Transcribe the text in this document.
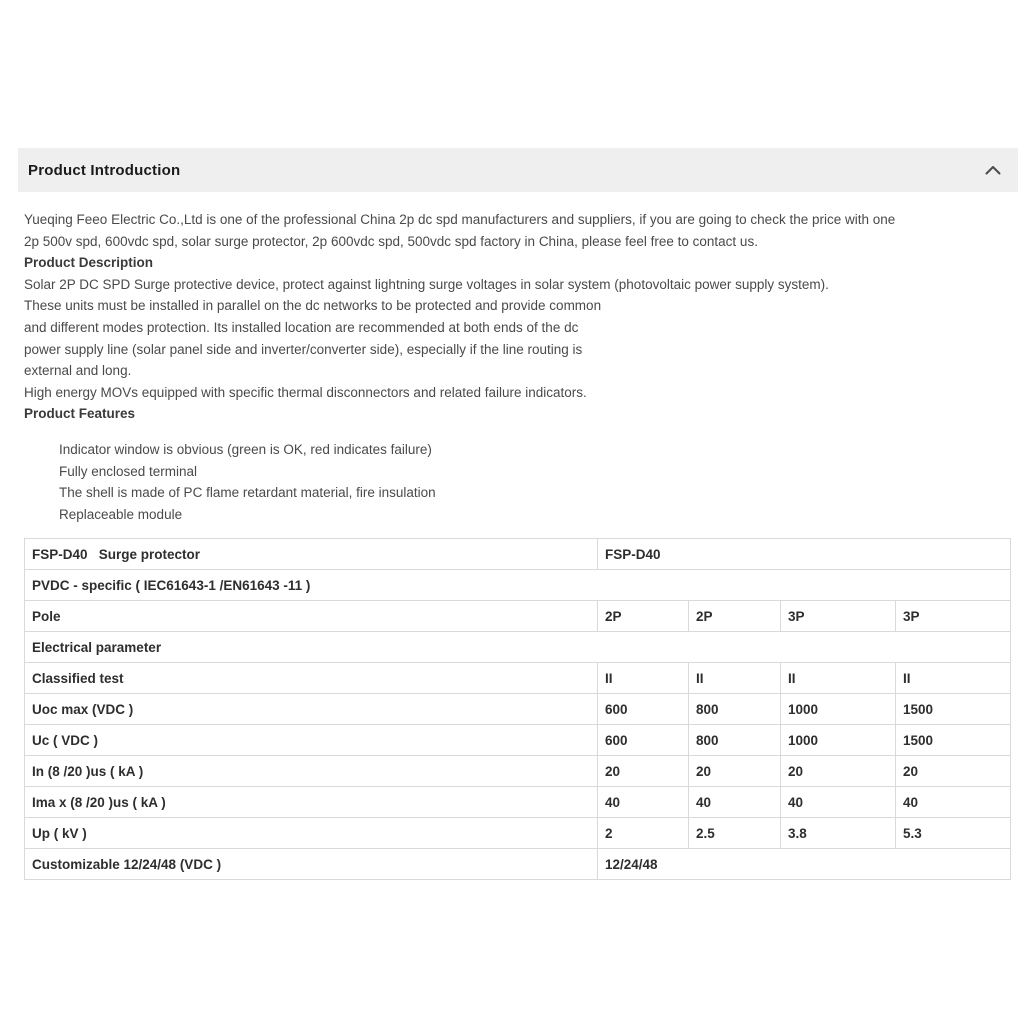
Product Introduction
Yueqing Feeo Electric Co.,Ltd is one of the professional China 2p dc spd manufacturers and suppliers, if you are going to check the price with one
2p 500v spd, 600vdc spd, solar surge protector, 2p 600vdc spd, 500vdc spd factory in China, please feel free to contact us.
Product Description
Solar 2P DC SPD Surge protective device, protect against lightning surge voltages in solar system (photovoltaic power supply system).
These units must be installed in parallel on the dc networks to be protected and provide common
and different modes protection. Its installed location are recommended at both ends of the dc
power supply line (solar panel side and inverter/converter side), especially if the line routing is
external and long.
High energy MOVs equipped with specific thermal disconnectors and related failure indicators.
Product Features
Indicator window is obvious (green is OK, red indicates failure)
Fully enclosed terminal
The shell is made of PC flame retardant material, fire insulation
Replaceable module
FSP-D40   Surge protector	FSP-D40			
PVDC - specific ( IEC61643-1 /EN61643 -11 )				
Pole	2P	2P	3P	3P
Electrical parameter				
Classified test	II	II	II	II
Uoc max (VDC )	600	800	1000	1500
Uc ( VDC )	600	800	1000	1500
In (8 /20 )us ( kA )	20	20	20	20
Ima x (8 /20 )us ( kA )	40	40	40	40
Up ( kV )	2	2.5	3.8	5.3
Customizable 12/24/48 (VDC )	12/24/48			
